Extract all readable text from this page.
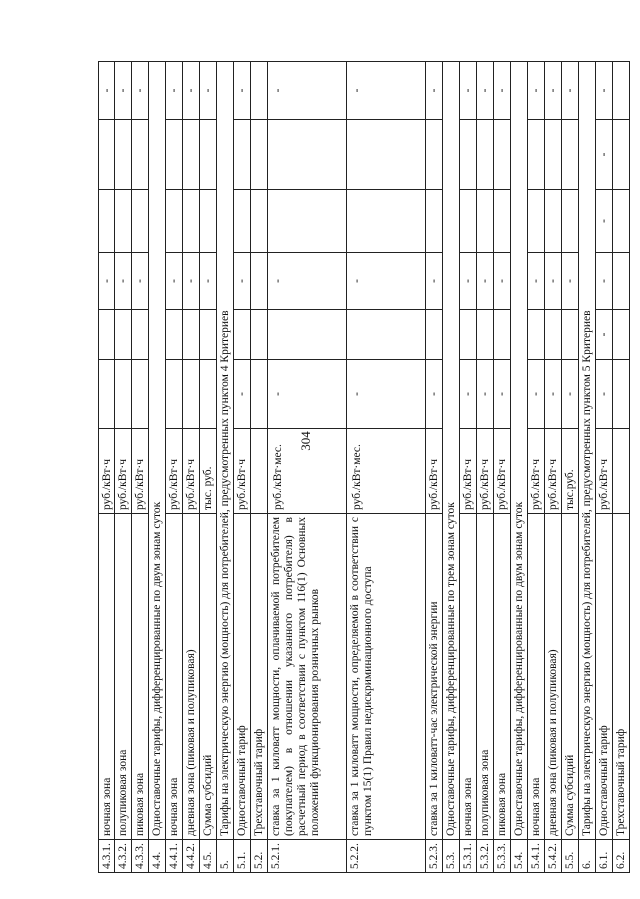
304
4.3.1.
ночная зона
руб./кВт·ч
-
-
4.3.2.
полупиковая зона
руб./кВт·ч
-
-
4.3.3.
пиковая зона
руб./кВт·ч
-
-
4.4.
Одноставочные тарифы, дифференцированные по двум зонам суток
4.4.1.
ночная зона
руб./кВт·ч
-
-
4.4.2.
дневная зона (пиковая и полупиковая)
руб./кВт·ч
-
-
4.5.
Сумма субсидий
тыс. руб.
-
-
5.
Тарифы на электрическую энергию (мощность) для потребителей, предусмотренных пунктом 4 Критериев
5.1.
Одноставочный тариф
руб./кВт·ч
-
-
-
5.2.
Трехставочный тариф
5.2.1.
ставка за 1 киловатт мощности, оплачиваемой потребителем (покупателем) в отношении указанного потребителя) в расчетный период в соответствии с пунктом 116(1) Основных положений функционирования розничных рынков
руб./кВт·мес.
-
-
-
5.2.2.
ставка за 1 киловатт мощности, определяемой в соответствии с пунктом 15(1) Правил недискриминационного доступа
руб./кВт·мес.
-
-
-
5.2.3.
ставка за 1 киловатт-час электрической энергии
руб./кВт·ч
-
-
-
5.3.
Одноставочные тарифы, дифференцированные по трем зонам суток
5.3.1.
ночная зона
руб./кВт·ч
-
-
-
5.3.2.
полупиковая зона
руб./кВт·ч
-
-
-
5.3.3.
пиковая зона
руб./кВт·ч
-
-
-
5.4.
Одноставочные тарифы, дифференцированные по двум зонам суток
5.4.1.
ночная зона
руб./кВт·ч
-
-
-
5.4.2.
дневная зона (пиковая и полупиковая)
руб./кВт·ч
-
-
-
5.5.
Сумма субсидий
тыс.руб.
-
-
-
6.
Тарифы на электрическую энергию (мощность) для потребителей, предусмотренных пунктом 5 Критериев
6.1.
Одноставочный тариф
руб./кВт·ч
-
-
-
-
-
-
6.2.
Трехставочный тариф
